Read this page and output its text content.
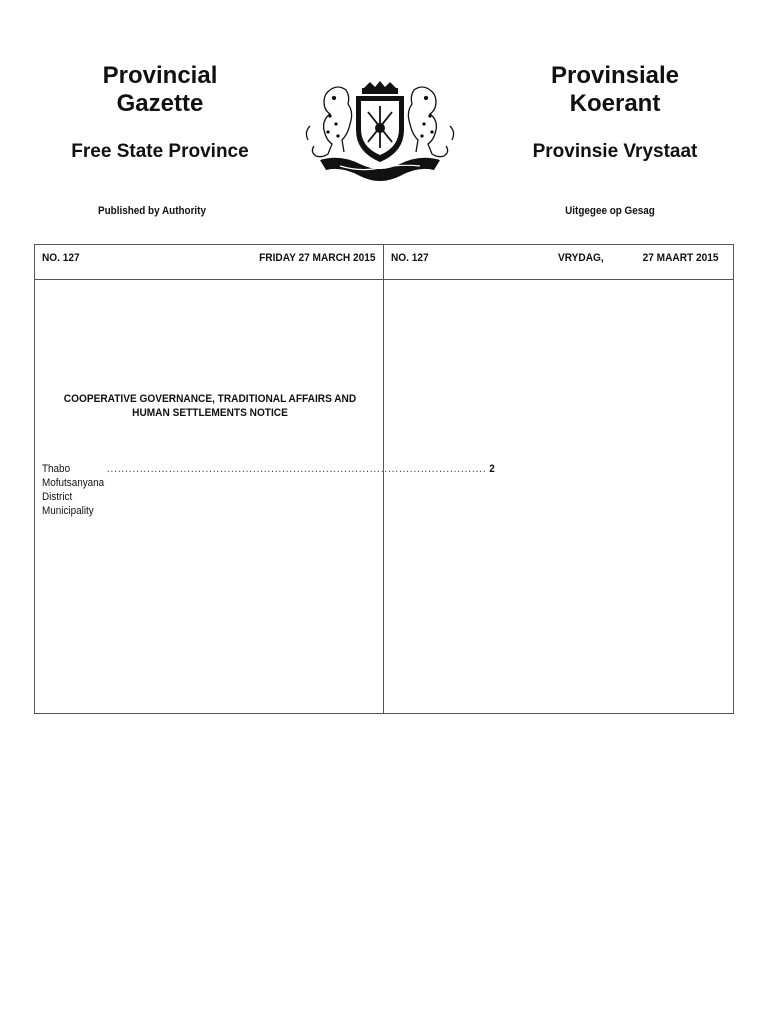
Provincial
Gazette
Provinsiale
Koerant
Free State Province	Provinsie Vrystaat
Published by Authority	Uitgegee op Gesag
NO. 127	FRIDAY 27 MARCH 2015 NO. 127	VRYDAG,	27 MAART 2015
COOPERATIVE GOVERNANCE, TRADITIONAL AFFAIRS AND HUMAN SETTLEMENTS NOTICE
Thabo Mofutsanyana District Municipality
........................................................................................................ 2
